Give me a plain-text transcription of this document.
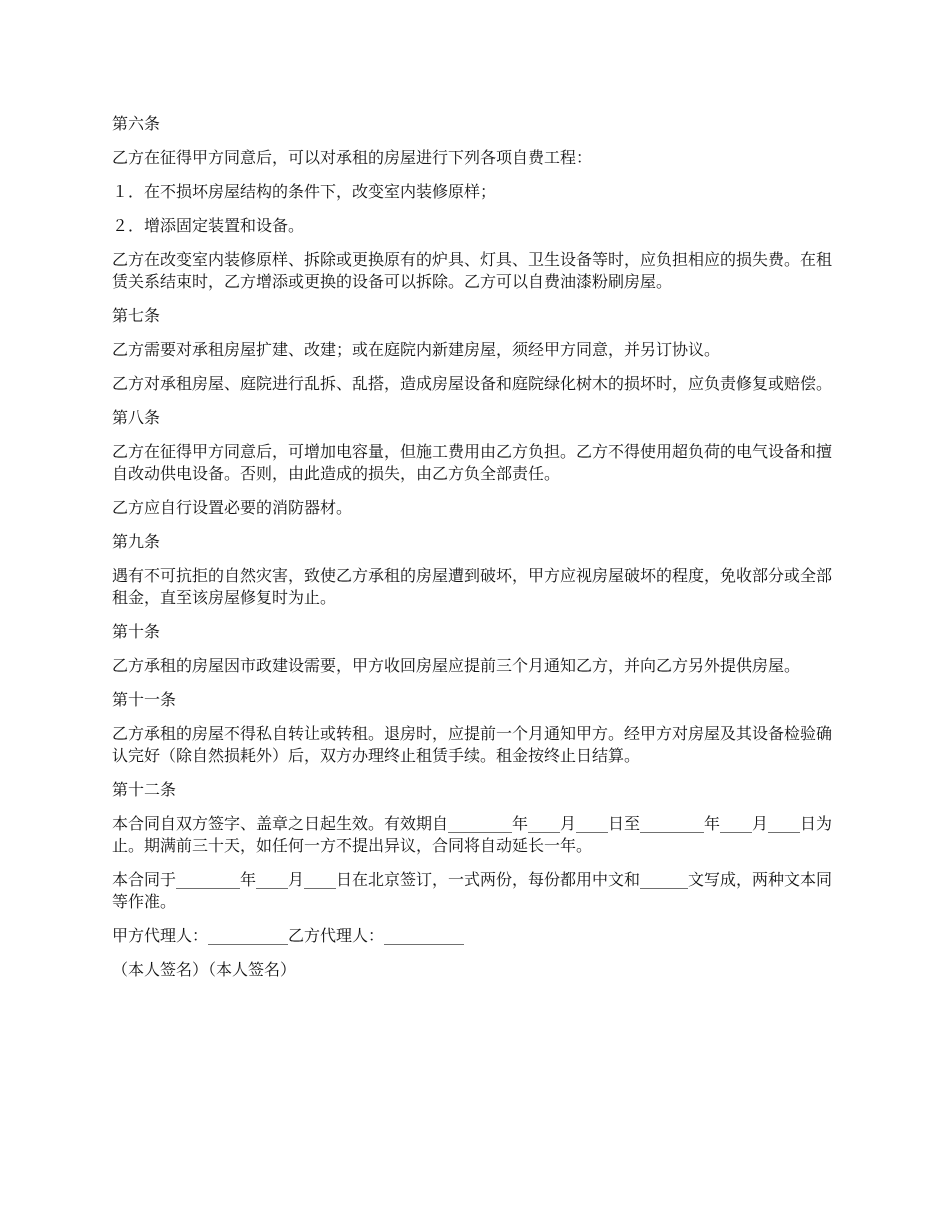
第六条

乙方在征得甲方同意后，可以对承租的房屋进行下列各项自费工程：

１．在不损坏房屋结构的条件下，改变室内装修原样；

２．增添固定装置和设备。

乙方在改变室内装修原样、拆除或更换原有的炉具、灯具、卫生设备等时，应负担相应的损失费。在租赁关系结束时，乙方增添或更换的设备可以拆除。乙方可以自费油漆粉刷房屋。

第七条

乙方需要对承租房屋扩建、改建；或在庭院内新建房屋，须经甲方同意，并另订协议。

乙方对承租房屋、庭院进行乱拆、乱搭，造成房屋设备和庭院绿化树木的损坏时，应负责修复或赔偿。

第八条

乙方在征得甲方同意后，可增加电容量，但施工费用由乙方负担。乙方不得使用超负荷的电气设备和擅自改动供电设备。否则，由此造成的损失，由乙方负全部责任。

乙方应自行设置必要的消防器材。

第九条

遇有不可抗拒的自然灾害，致使乙方承租的房屋遭到破坏，甲方应视房屋破坏的程度，免收部分或全部租金，直至该房屋修复时为止。

第十条

乙方承租的房屋因市政建设需要，甲方收回房屋应提前三个月通知乙方，并向乙方另外提供房屋。

第十一条

乙方承租的房屋不得私自转让或转租。退房时，应提前一个月通知甲方。经甲方对房屋及其设备检验确认完好（除自然损耗外）后，双方办理终止租赁手续。租金按终止日结算。

第十二条

本合同自双方签字、盖章之日起生效。有效期自________年____月____日至________年____月____日为止。期满前三十天，如任何一方不提出异议，合同将自动延长一年。

本合同于________年____月____日在北京签订，一式两份，每份都用中文和______文写成，两种文本同等作准。

甲方代理人：__________乙方代理人：__________

（本人签名）（本人签名）
